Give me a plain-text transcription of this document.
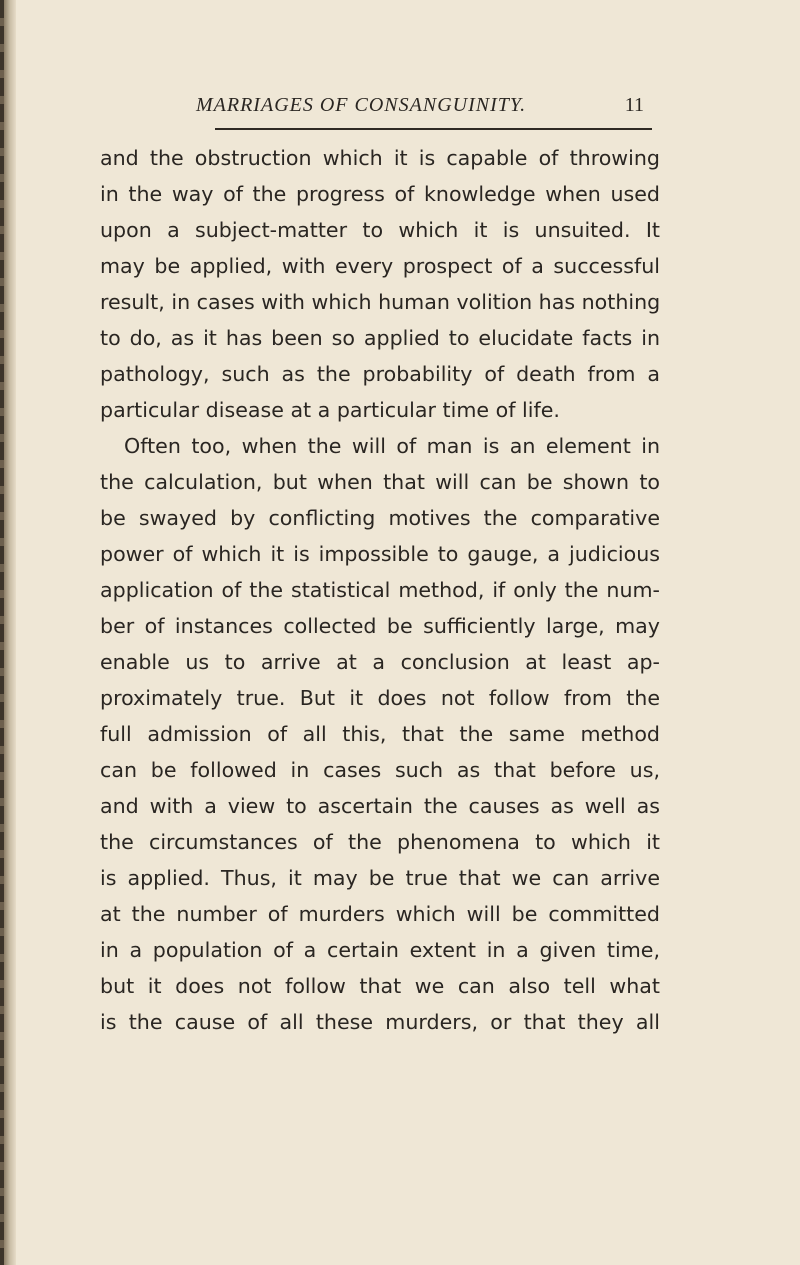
MARRIAGES OF CONSANGUINITY.	11
and the obstruction which it is capable of throwing
in the way of the progress of knowledge when used
upon a subject-matter to which it is unsuited. It
may be applied, with every prospect of a successful
result, in cases with which human volition has nothing
to do, as it has been so applied to elucidate facts in
pathology, such as the probability of death from a
particular disease at a particular time of life.
Often too, when the will of man is an element in
the calculation, but when that will can be shown to
be swayed by conflicting motives the comparative
power of which it is impossible to gauge, a judicious
application of the statistical method, if only the num-
ber of instances collected be sufficiently large, may
enable us to arrive at a conclusion at least ap-
proximately true. But it does not follow from the
full admission of all this, that the same method
can be followed in cases such as that before us,
and with a view to ascertain the causes as well as
the circumstances of the phenomena to which it
is applied. Thus, it may be true that we can arrive
at the number of murders which will be committed
in a population of a certain extent in a given time,
but it does not follow that we can also tell what
is the cause of all these murders, or that they all
